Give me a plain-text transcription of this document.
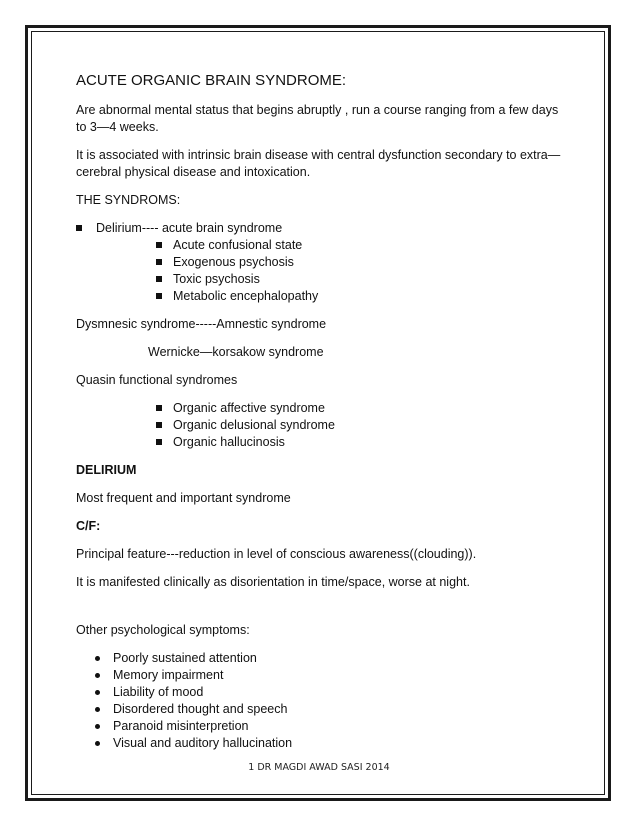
ACUTE ORGANIC BRAIN SYNDROME:

Are abnormal mental status that begins abruptly , run a course ranging from a few days to 3—4 weeks.

It is associated with intrinsic brain disease with central dysfunction secondary to extra—cerebral physical disease and intoxication.

THE SYNDROMS:

Delirium---- acute brain syndrome
Acute confusional state
Exogenous psychosis
Toxic psychosis
Metabolic encephalopathy

Dysmnesic syndrome-----Amnestic syndrome

Wernicke—korsakow syndrome

Quasin functional syndromes

Organic affective syndrome
Organic delusional syndrome
Organic hallucinosis

DELIRIUM

Most frequent and important syndrome

C/F:

Principal feature---reduction in level of conscious awareness((clouding)).

It is manifested clinically as disorientation in time/space, worse at night.

Other psychological symptoms:

Poorly sustained attention
Memory impairment
Liability of mood
Disordered thought and speech
Paranoid misinterpretion
Visual and auditory hallucination
1 DR MAGDI AWAD SASI 2014
